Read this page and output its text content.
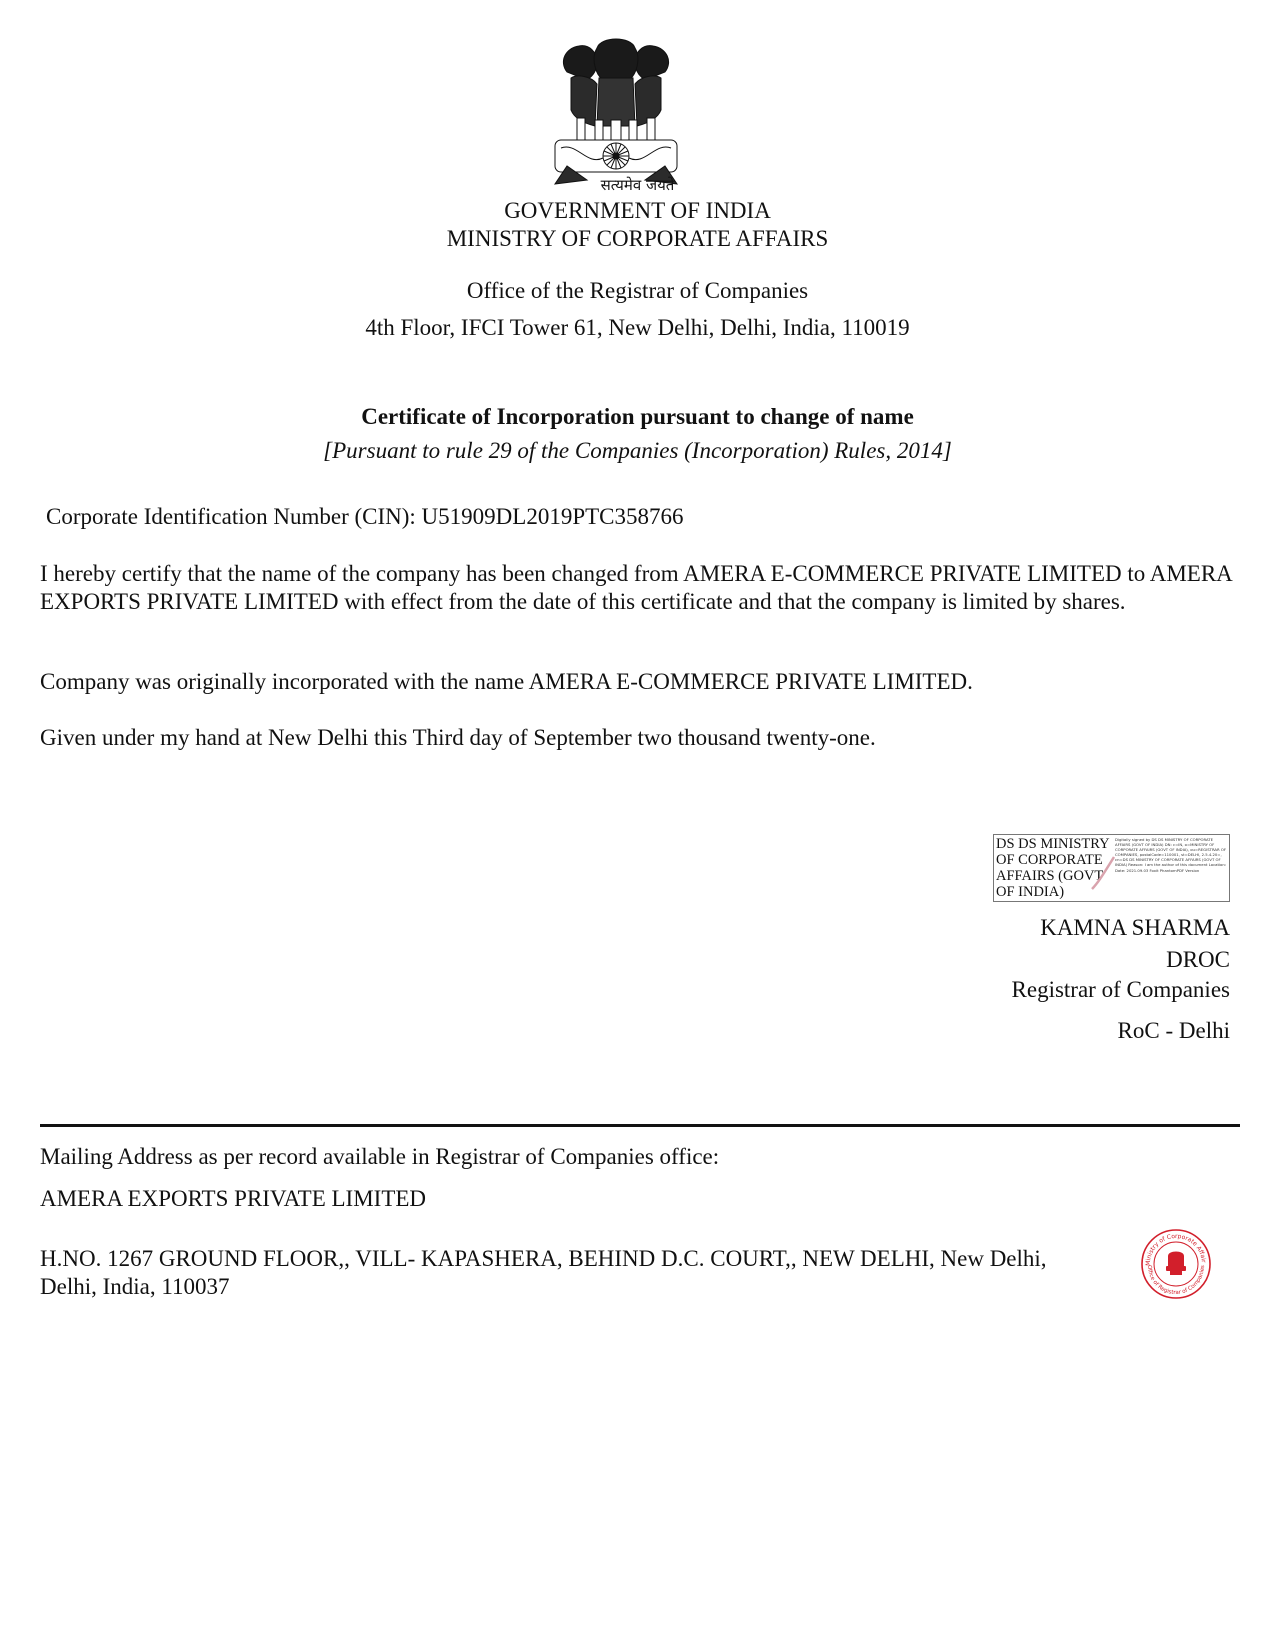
सत्यमेव जयते
GOVERNMENT OF INDIA
MINISTRY OF CORPORATE AFFAIRS
Office of the Registrar of Companies
4th Floor, IFCI Tower 61, New Delhi, Delhi, India, 110019
Certificate of Incorporation pursuant to change of name
[Pursuant to rule 29 of the Companies (Incorporation) Rules, 2014]
Corporate Identification Number (CIN): U51909DL2019PTC358766
I hereby certify that the name of the company has been changed from AMERA E-COMMERCE PRIVATE LIMITED to AMERA EXPORTS PRIVATE LIMITED with effect from the date of this certificate and that the company is limited by shares.
Company was originally incorporated with the name AMERA E-COMMERCE PRIVATE LIMITED.
Given under my hand at New Delhi this Third day of September two thousand twenty-one.
DS DS MINISTRY OF CORPORATE AFFAIRS (GOVT OF INDIA)
Digitally signed by DS DS MINISTRY OF CORPORATE AFFAIRS (GOVT OF INDIA) DN: c=IN, o=MINISTRY OF CORPORATE AFFAIRS (GOVT OF INDIA), ou=REGISTRAR OF COMPANIES, postalCode=110001, st=DELHI, 2.5.4.20=, cn=DS DS MINISTRY OF CORPORATE AFFAIRS (GOVT OF INDIA) Reason: I am the author of this document Location: Date: 2021.09.03 Foxit PhantomPDF Version
KAMNA SHARMA
DROC
Registrar of Companies
RoC - Delhi
Mailing Address as per record available in Registrar of Companies office:
AMERA EXPORTS PRIVATE LIMITED
H.NO. 1267 GROUND FLOOR,, VILL- KAPASHERA, BEHIND D.C. COURT,, NEW DELHI, New Delhi, Delhi, India, 110037
Ministry of Corporate Affairs
Office of Registrar of Companies
